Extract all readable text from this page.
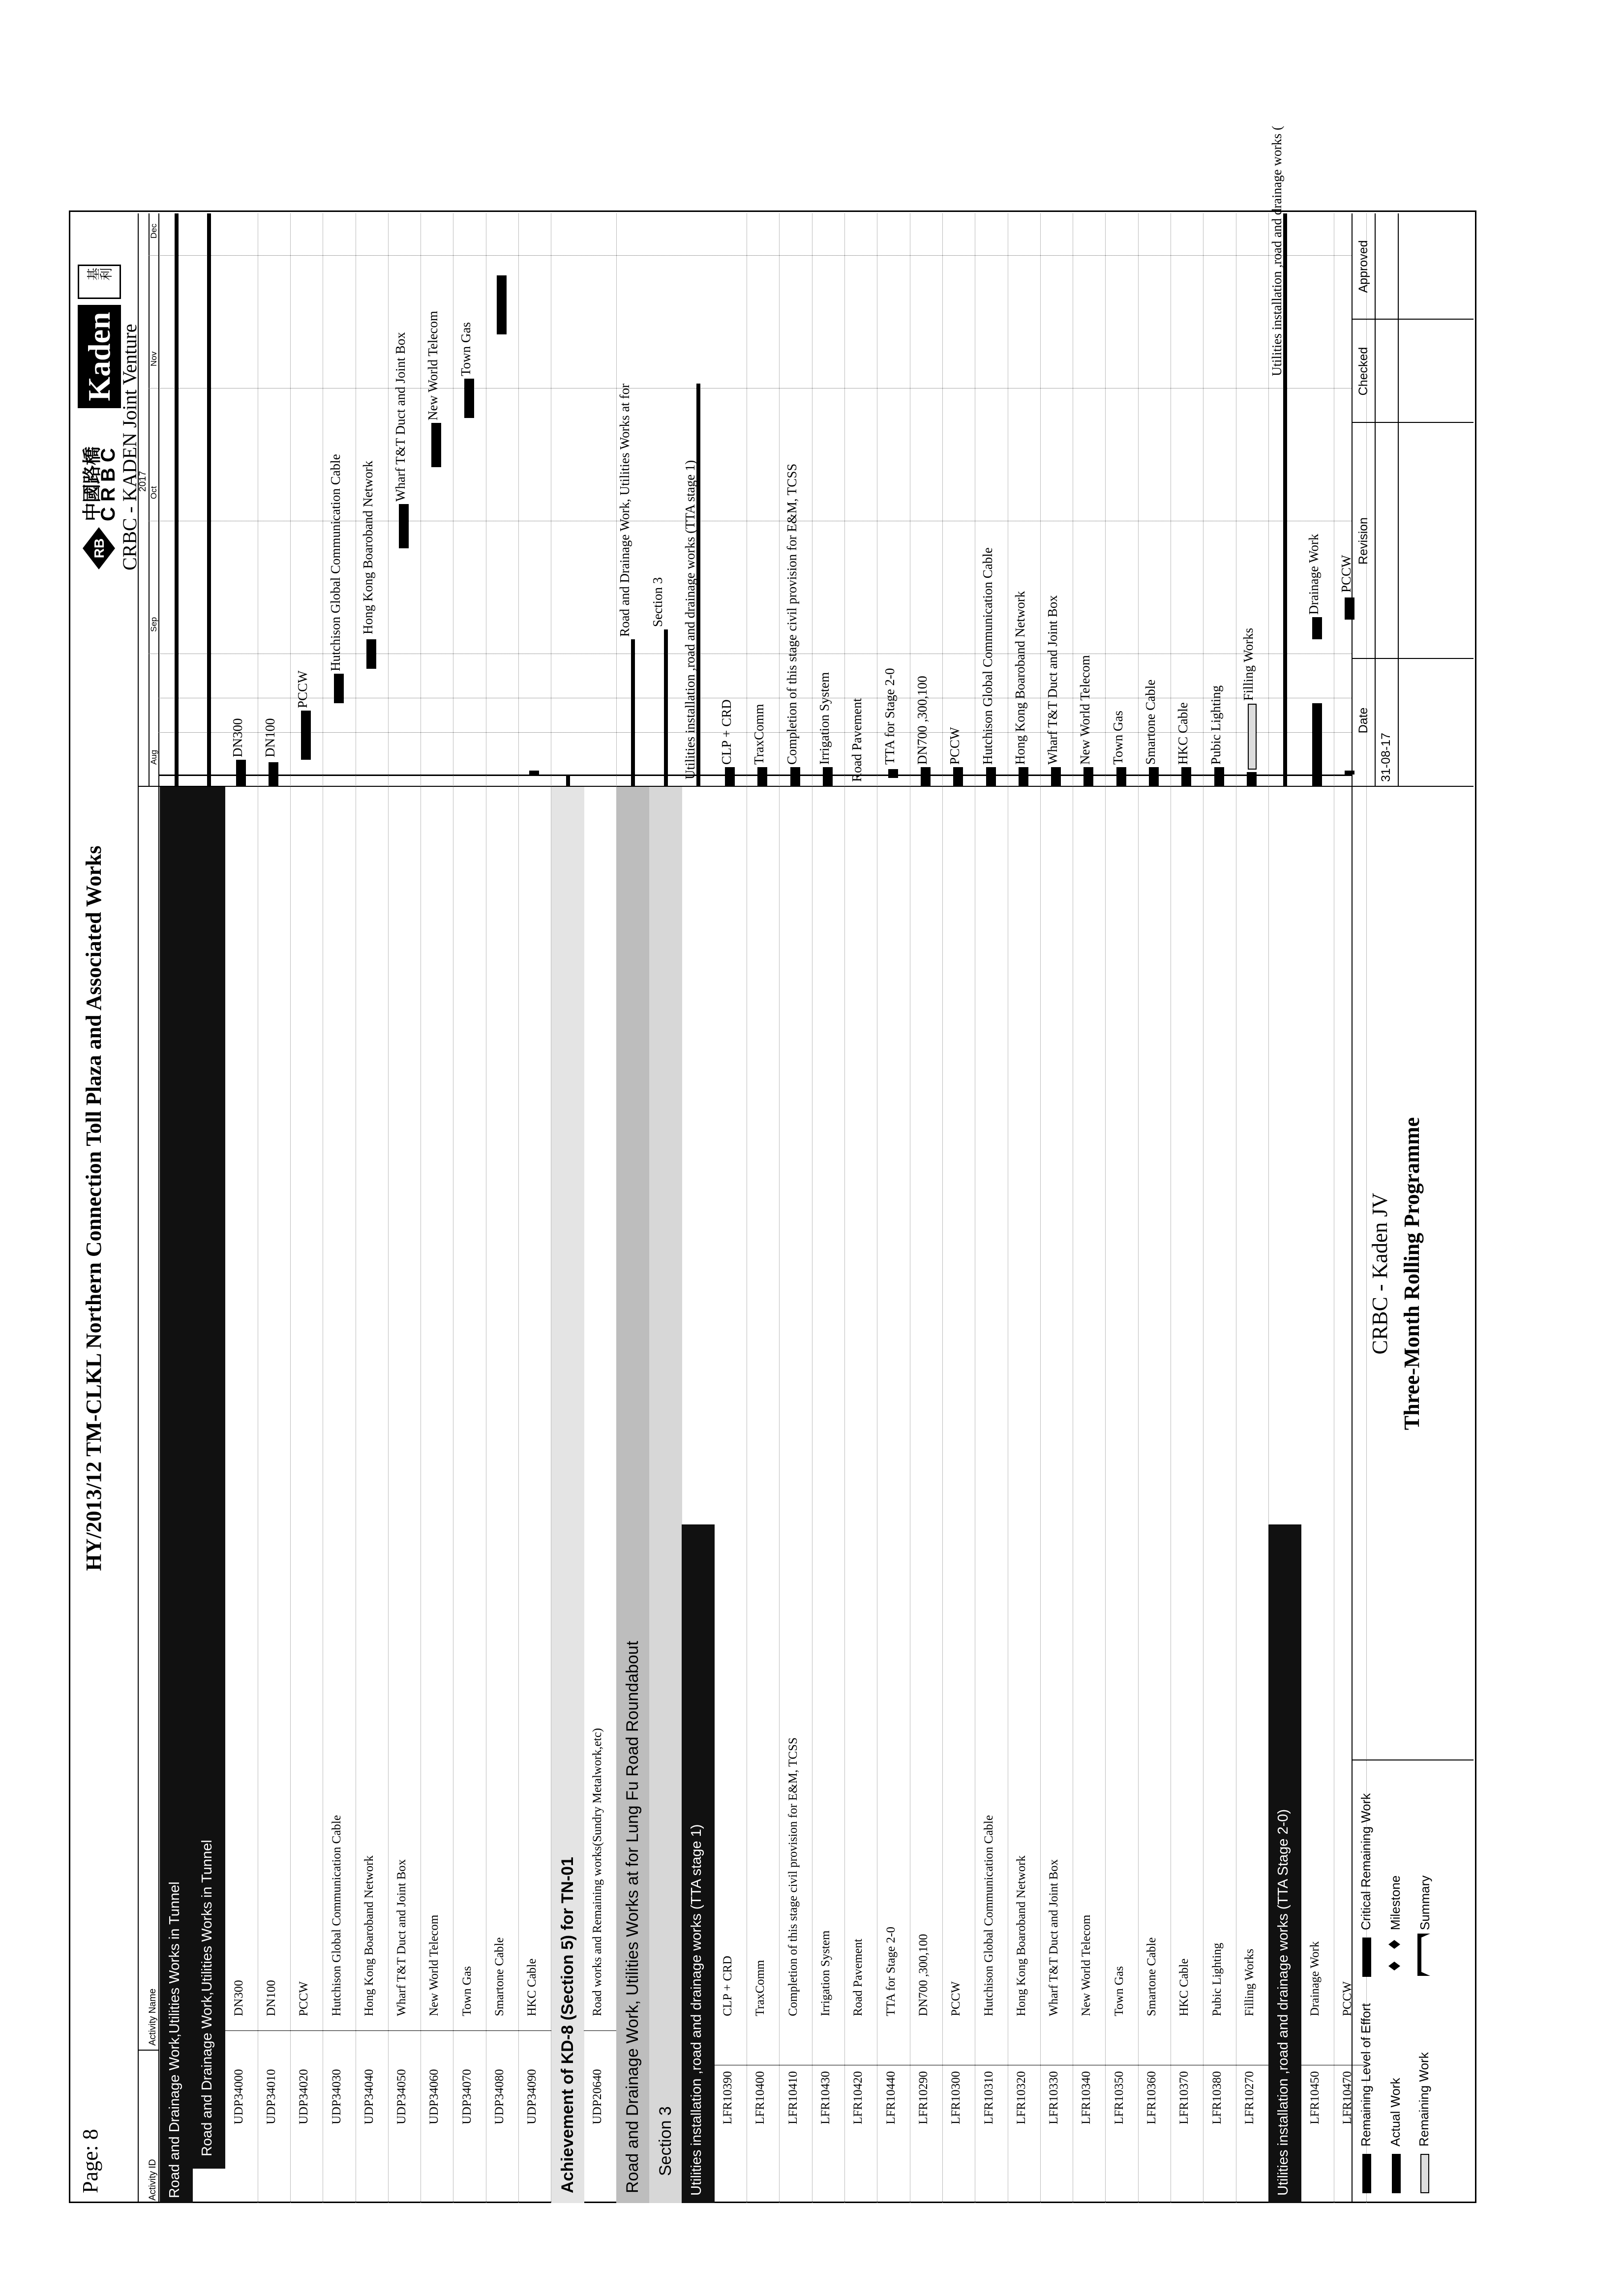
Page: 8
HY/2013/12 TM-CLKL Northern Connection Toll Plaza and Associated Works
RB
中國路橋
C R B C
Kaden
基利
CRBC - KADEN Joint Venture
Activity ID
Activity Name
2017
Aug
Sep
Oct
Nov
Dec
Road and Drainage Work,Utilities Works in Tunnel Road and Drainage Work,Utilities Works in Tunnel UDP34000
DN300
DN300
UDP34010
DN100
DN100
UDP34020
PCCW
PCCW
UDP34030
Hutchison Global Communication Cable
Hutchison Global Communication Cable
UDP34040
Hong Kong Boaroband Network
Hong Kong Boaroband Network
UDP34050
Wharf T&T Duct and Joint Box
Wharf T&T Duct and Joint Box
UDP34060
New World Telecom
New World Telecom
UDP34070
Town Gas
Town Gas
UDP34080
Smartone Cable
UDP34090
HKC Cable Achievement of KD-8 (Section 5) for TN-01 UDP20640
Road works and Remaining works(Sundry Metalwork,etc) Road and Drainage Work, Utilities Works at for Lung Fu Road Roundabout
Road and Drainage Work, Utilities Works at for
Section 3
Section 3
Utilities installation ,road and drainage works (TTA stage 1)
Utilities installation ,road and drainage works (TTA stage 1)
LFR10390
CLP + CRD
CLP + CRD
LFR10400
TraxComm
TraxComm
LFR10410
Completion of this stage civil provision for E&M, TCSS
Completion of this stage civil provision for E&M, TCSS
LFR10430
Irrigation System
Irrigation System
LFR10420
Road Pavement
Road Pavement
LFR10440
TTA for Stage 2-0
TTA for Stage 2-0
LFR10290
DN700 ,300,100
DN700 ,300,100
LFR10300
PCCW
PCCW
LFR10310
Hutchison Global Communication Cable
Hutchison Global Communication Cable
LFR10320
Hong Kong Boaroband Network
Hong Kong Boaroband Network
LFR10330
Wharf T&T Duct and Joint Box
Wharf T&T Duct and Joint Box
LFR10340
New World Telecom
New World Telecom
LFR10350
Town Gas
Town Gas
LFR10360
Smartone Cable
Smartone Cable
LFR10370
HKC Cable
HKC Cable
LFR10380
Pubic Lighting
Pubic Lighting
LFR10270
Filling Works
Filling Works
Utilities installation ,road and drainage works (TTA Stage 2-0)
Utilities installation ,road and drainage works (
LFR10450
Drainage Work
Drainage Work
LFR10470
PCCW
PCCW
Remaining Level of Effort Actual Work Remaining Work
Critical Remaining Work Milestone Summary
CRBC - Kaden JV Three-Month Rolling Programme
Date
31-08-17
Revision
Checked
Approved
